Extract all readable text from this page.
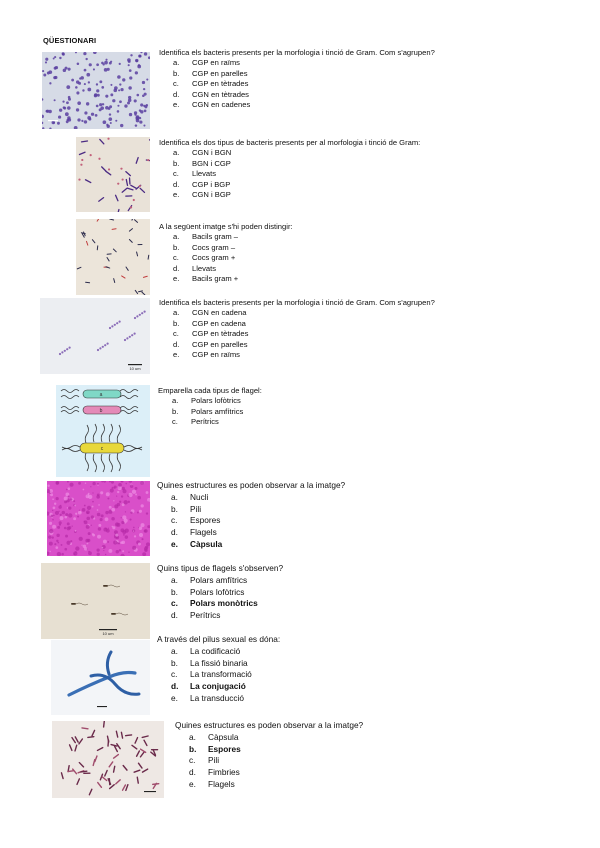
QÜESTIONARI
Identifica els bacteris presents per la morfologia i tinció de Gram. Com s'agrupen?
a.	CGP en raïms
b.	CGP en parelles
c.	CGP en tètrades
d.	CGN en tètrades
e.	CGN en cadenes
Identifica els dos tipus de bacteris presents per al morfologia i tinció de Gram:
a.	CGN i BGN
b.	BGN i CGP
c.	Llevats
d.	CGP i BGP
e.	CGN i BGP
A la següent imatge s'hi poden distingir:
a.	Bacils gram –
b.	Cocs gram –
c.	Cocs gram +
d.	Llevats
e.	Bacils gram +
10 um
Identifica els bacteris presents per la morfologia i tinció de Gram. Com s'agrupen?
a.	CGN en cadena
b.	CGP en cadena
c.	CGP en tètrades
d.	CGP en parelles
e.	CGP en raïms
a
b
c
Emparella cada tipus de flagel:
a.	Polars lofòtrics
b.	Polars amfítrics
c.	Perítrics
Quines estructures es poden observar a la imatge?
a.	Nucli
b.	Pili
c.	Espores
d.	Flagels
e.	Càpsula
10 um
Quins tipus de flagels s'observen?
a.	Polars amfítrics
b.	Polars lofòtrics
c.	Polars monòtrics
d.	Perítrics
A través del pilus sexual es dóna:
a.	La codificació
b.	La fissió binaria
c.	La transformació
d.	La conjugació
e.	La transducció
Quines estructures es poden observar a la imatge?
a.	Càpsula
b.	Espores
c.	Pili
d.	Fimbries
e.	Flagels
